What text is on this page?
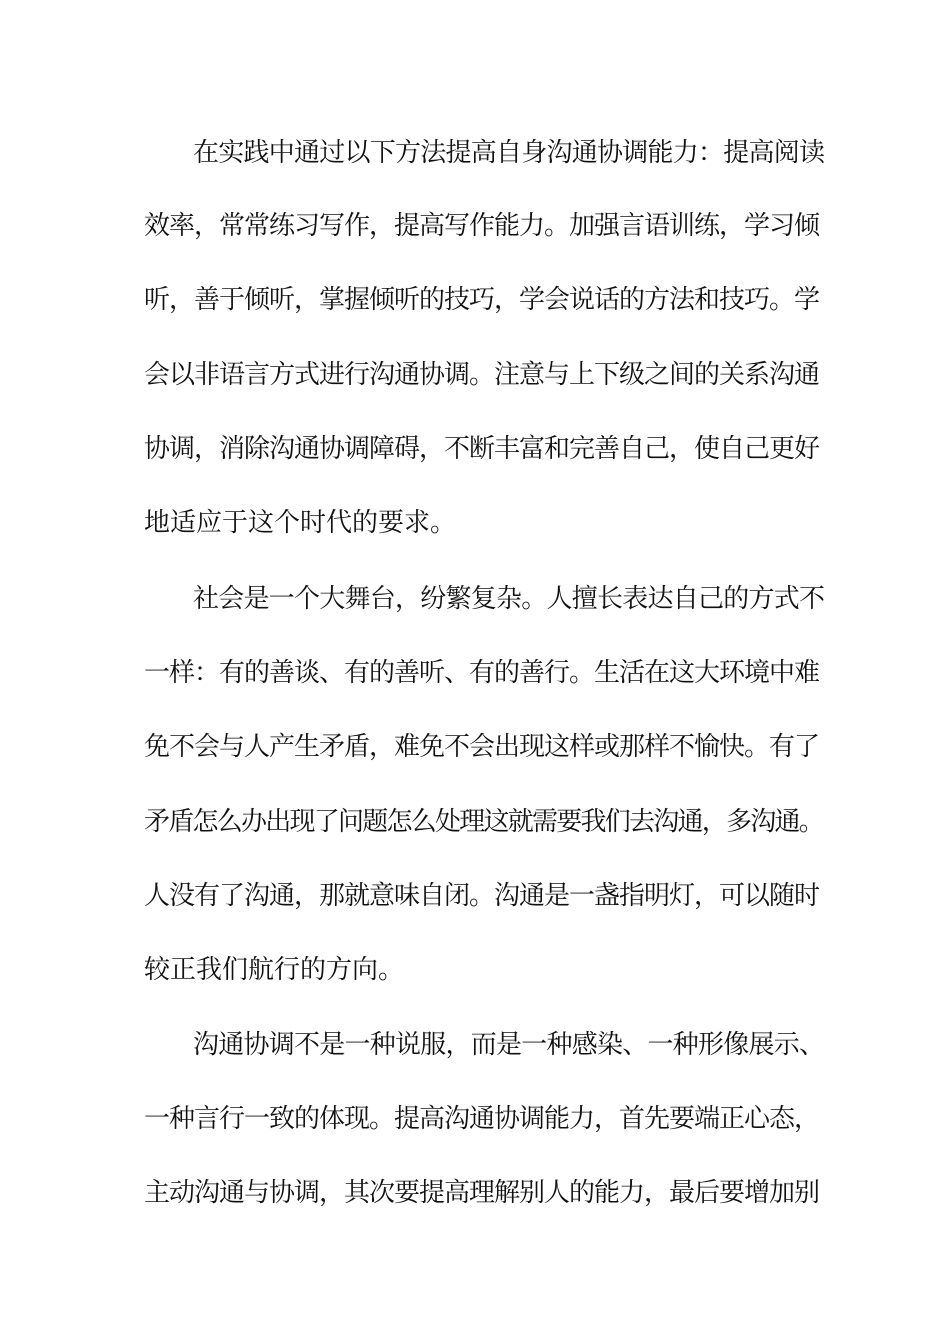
在实践中通过以下方法提高自身沟通协调能力：提高阅读
效率，常常练习写作，提高写作能力。加强言语训练，学习倾
听，善于倾听，掌握倾听的技巧，学会说话的方法和技巧。学
会以非语言方式进行沟通协调。注意与上下级之间的关系沟通
协调，消除沟通协调障碍，不断丰富和完善自己，使自己更好
地适应于这个时代的要求。
社会是一个大舞台，纷繁复杂。人擅长表达自己的方式不
一样：有的善谈、有的善听、有的善行。生活在这大环境中难
免不会与人产生矛盾，难免不会出现这样或那样不愉快。有了
矛盾怎么办出现了问题怎么处理这就需要我们去沟通，多沟通。
人没有了沟通，那就意味自闭。沟通是一盏指明灯，可以随时
较正我们航行的方向。
沟通协调不是一种说服，而是一种感染、一种形像展示、
一种言行一致的体现。提高沟通协调能力，首先要端正心态，
主动沟通与协调，其次要提高理解别人的能力，最后要增加别
